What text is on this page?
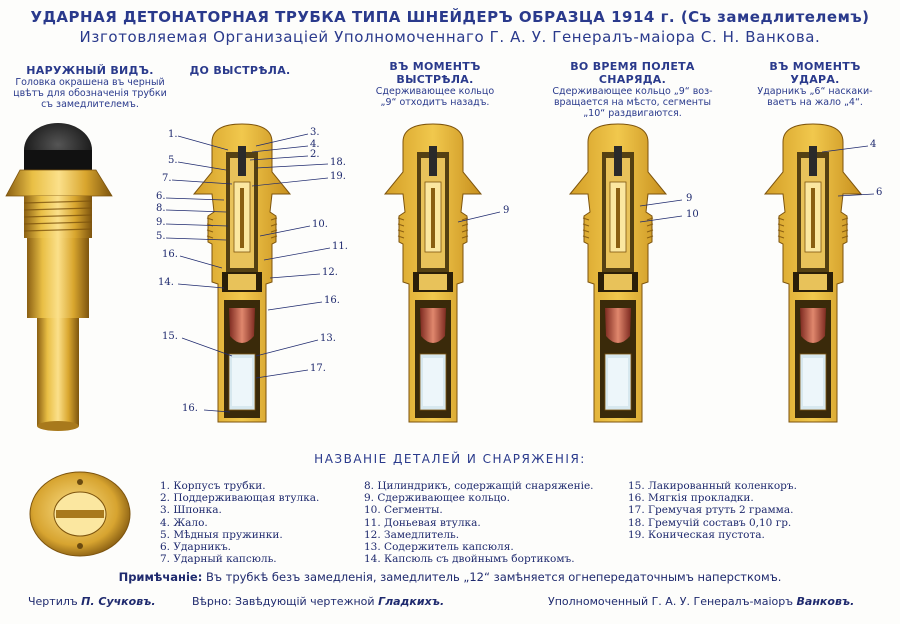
УДАРНАЯ ДЕТОНАТОРНАЯ ТРУБКА ТИПА ШНЕЙДЕРЪ ОБРАЗЦА 1914 г. (Съ замедлителемъ)
Изготовляемая Организацiей Уполномоченнаго Г. А. У. Генералъ-маiора С. Н. Ванкова.
НАРУЖНЫЙ ВИДЪ.
Головка окрашена въ черный
цвѣтъ для обозначенiя трубки
съ замедлителемъ.
ДО ВЫСТРѢЛА.	ВЪ МОМЕНТЪ
ВЫСТРѢЛА.
Сдерживающее кольцо
„9“ отходитъ назадъ.
ВО ВРЕМЯ ПОЛЕТА СНАРЯДА.
Сдерживающее кольцо „9“ воз-
вращается на мѣсто, сегменты
„10“ раздвигаются.
ВЪ МОМЕНТЪ УДАРА.
Ударникъ „6“ наскаки-
ваетъ на жало „4“.
1.
5.
7.
6.
8.
9.
5.
16.
14.
15.
16.
3.
4.
2.
18.
19.
10.
11.
12.
16.
13.
17.
9
9
10
4
6
НАЗВАНIЕ ДЕТАЛЕЙ И СНАРЯЖЕНIЯ:
1. Корпусъ трубки.
2. Поддерживающая втулка.
3. Шпонка.
4. Жало.
5. Мѣдныя пружинки.
6. Ударникъ.
7. Ударный капсюль.
8. Цилиндрикъ, содержащiй снаряженiе.
9. Сдерживающее кольцо.
10. Сегменты.
11. Доньевая втулка.
12. Замедлитель.
13. Содержитель капсюля.
14. Капсюль съ двойнымъ бортикомъ.
15. Лакированный коленкоръ.
16. Мягкiя прокладки.
17. Гремучая ртуть 2 грамма.
18. Гремучiй составъ 0,10 гр.
19. Коническая пустота.
Примѣчанiе: Въ трубкѣ безъ замедленiя, замедлитель „12“ замѣняется огнепередаточнымъ наперсткомъ.
Чертилъ П. Сучковъ.	Вѣрно: Завѣдующiй чертежной Гладкихъ.	Уполномоченный Г. А. У. Генералъ-маiоръ Ванковъ.
